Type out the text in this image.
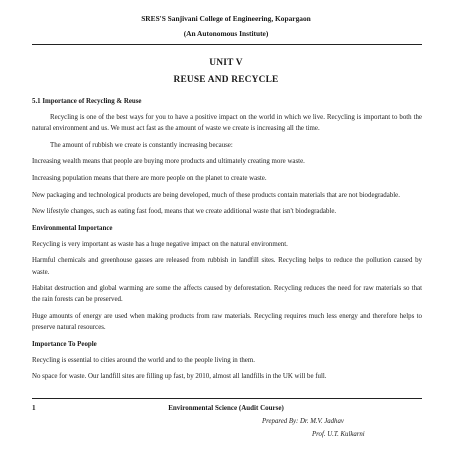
SRES'S Sanjivani College of Engineering, Kopargaon
(An Autonomous Institute)
UNIT V
REUSE AND RECYCLE

5.1 Importance of Recycling & Reuse

Recycling is one of the best ways for you to have a positive impact on the world in which we live. Recycling is important to both the natural environment and us. We must act fast as the amount of waste we create is increasing all the time.

The amount of rubbish we create is constantly increasing because:

Increasing wealth means that people are buying more products and ultimately creating more waste.

Increasing population means that there are more people on the planet to create waste.

New packaging and technological products are being developed, much of these products contain materials that are not biodegradable.

New lifestyle changes, such as eating fast food, means that we create additional waste that isn't biodegradable.

Environmental Importance

Recycling is very important as waste has a huge negative impact on the natural environment.

Harmful chemicals and greenhouse gasses are released from rubbish in landfill sites. Recycling helps to reduce the pollution caused by waste.

Habitat destruction and global warming are some the affects caused by deforestation. Recycling reduces the need for raw materials so that the rain forests can be preserved.

Huge amounts of energy are used when making products from raw materials. Recycling requires much less energy and therefore helps to preserve natural resources.

Importance To People

Recycling is essential to cities around the world and to the people living in them.

No space for waste. Our landfill sites are filling up fast, by 2010, almost all landfills in the UK will be full.

1	Environmental Science (Audit Course)
Prepared By: Dr. M.V. Jadhav
Prof. U.T. Kulkarni
